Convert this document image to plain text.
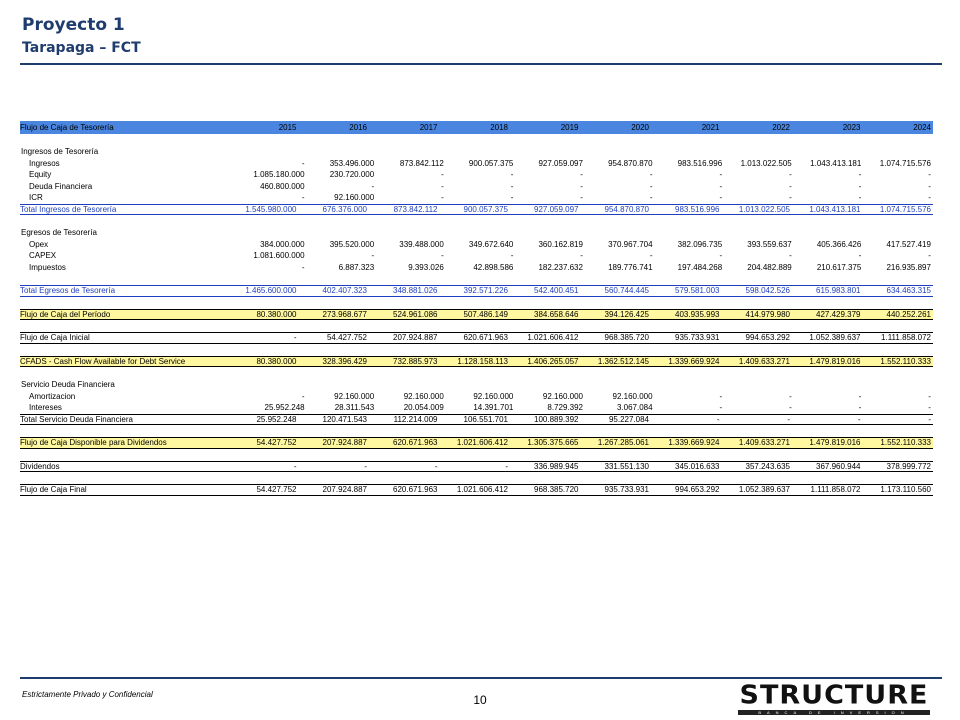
Proyecto 1
Tarapaga – FCT
Flujo de Caja de Tesorería	2015	2016	2017	2018	2019	2020	2021	2022	2023	2024
Ingresos de Tesorería
Ingresos	-	353.496.000	873.842.112	900.057.375	927.059.097	954.870.870	983.516.996	1.013.022.505	1.043.413.181	1.074.715.576
Equity	1.085.180.000	230.720.000	-	-	-	-	-	-	-	-
Deuda Financiera	460.800.000	-	-	-	-	-	-	-	-	-
ICR	-	92.160.000	-	-	-	-	-	-	-	-
Total Ingresos de Tesorería	1.545.980.000	676.376.000	873.842.112	900.057.375	927.059.097	954.870.870	983.516.996	1.013.022.505	1.043.413.181	1.074.715.576
Egresos de Tesorería
Opex	384.000.000	395.520.000	339.488.000	349.672.640	360.162.819	370.967.704	382.096.735	393.559.637	405.366.426	417.527.419
CAPEX	1.081.600.000	-	-	-	-	-	-	-	-	-
Impuestos	-	6.887.323	9.393.026	42.898.586	182.237.632	189.776.741	197.484.268	204.482.889	210.617.375	216.935.897
Total Egresos de Tesorería	1.465.600.000	402.407.323	348.881.026	392.571.226	542.400.451	560.744.445	579.581.003	598.042.526	615.983.801	634.463.315
Flujo de Caja del Período	80.380.000	273.968.677	524.961.086	507.486.149	384.658.646	394.126.425	403.935.993	414.979.980	427.429.379	440.252.261
Flujo de Caja Inicial	-	54.427.752	207.924.887	620.671.963	1.021.606.412	968.385.720	935.733.931	994.653.292	1.052.389.637	1.111.858.072
CFADS - Cash Flow Available for Debt Service	80.380.000	328.396.429	732.885.973	1.128.158.113	1.406.265.057	1.362.512.145	1.339.669.924	1.409.633.271	1.479.819.016	1.552.110.333
Servicio Deuda Financiera
Amortizacion	-	92.160.000	92.160.000	92.160.000	92.160.000	92.160.000	-	-	-	-
Intereses	25.952.248	28.311.543	20.054.009	14.391.701	8.729.392	3.067.084	-	-	-	-
Total Servicio Deuda Financiera	25.952.248	120.471.543	112.214.009	106.551.701	100.889.392	95.227.084	-	-	-	-
Flujo de Caja Disponible para Dividendos	54.427.752	207.924.887	620.671.963	1.021.606.412	1.305.375.665	1.267.285.061	1.339.669.924	1.409.633.271	1.479.819.016	1.552.110.333
Dividendos	-	-	-	-	336.989.945	331.551.130	345.016.633	357.243.635	367.960.944	378.999.772
Flujo de Caja Final	54.427.752	207.924.887	620.671.963	1.021.606.412	968.385.720	935.733.931	994.653.292	1.052.389.637	1.111.858.072	1.173.110.560
Estrictamente Privado y Confidencial	10	STRUCTURE
BANCA DE INVERSION
